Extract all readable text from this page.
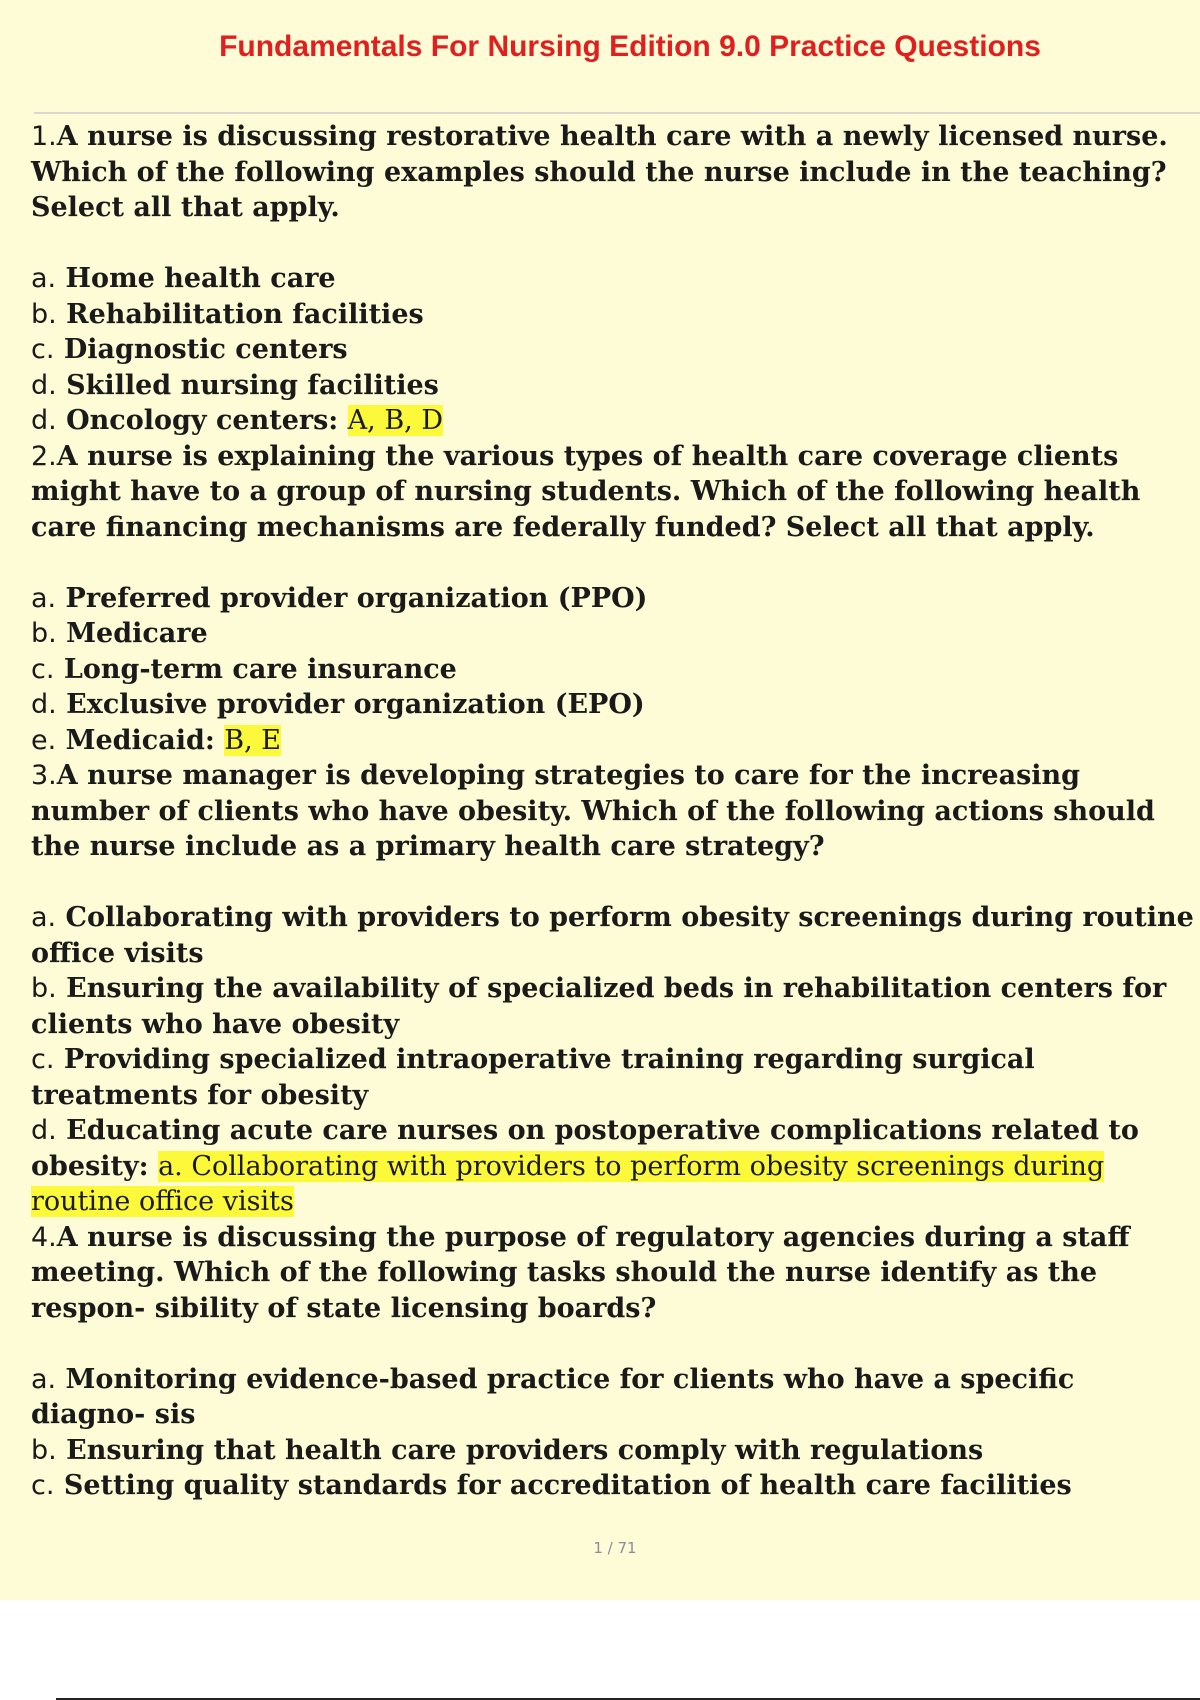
Fundamentals For Nursing Edition 9.0 Practice Questions

1.A nurse is discussing restorative health care with a newly licensed nurse. Which of the following examples should the nurse include in the teaching? Select all that apply.

a. Home health care

b. Rehabilitation facilities

c. Diagnostic centers

d. Skilled nursing facilities

d. Oncology centers: A, B, D

2.A nurse is explaining the various types of health care coverage clients might have to a group of nursing students. Which of the following health care financing mechanisms are federally funded? Select all that apply.

a. Preferred provider organization (PPO)

b. Medicare

c. Long-term care insurance

d. Exclusive provider organization (EPO)

e. Medicaid: B, E

3.A nurse manager is developing strategies to care for the increasing number of clients who have obesity. Which of the following actions should the nurse include as a primary health care strategy?

a. Collaborating with providers to perform obesity screenings during routine office visits

b. Ensuring the availability of specialized beds in rehabilitation centers for clients who have obesity

c. Providing specialized intraoperative training regarding surgical treatments for obesity

d. Educating acute care nurses on postoperative complications related to obesity: a. Collaborating with providers to perform obesity screenings during routine office visits

4.A nurse is discussing the purpose of regulatory agencies during a staff meeting. Which of the following tasks should the nurse identify as the respon- sibility of state licensing boards?

a. Monitoring evidence-based practice for clients who have a specific diagno- sis

b. Ensuring that health care providers comply with regulations

c. Setting quality standards for accreditation of health care facilities

1 / 71
